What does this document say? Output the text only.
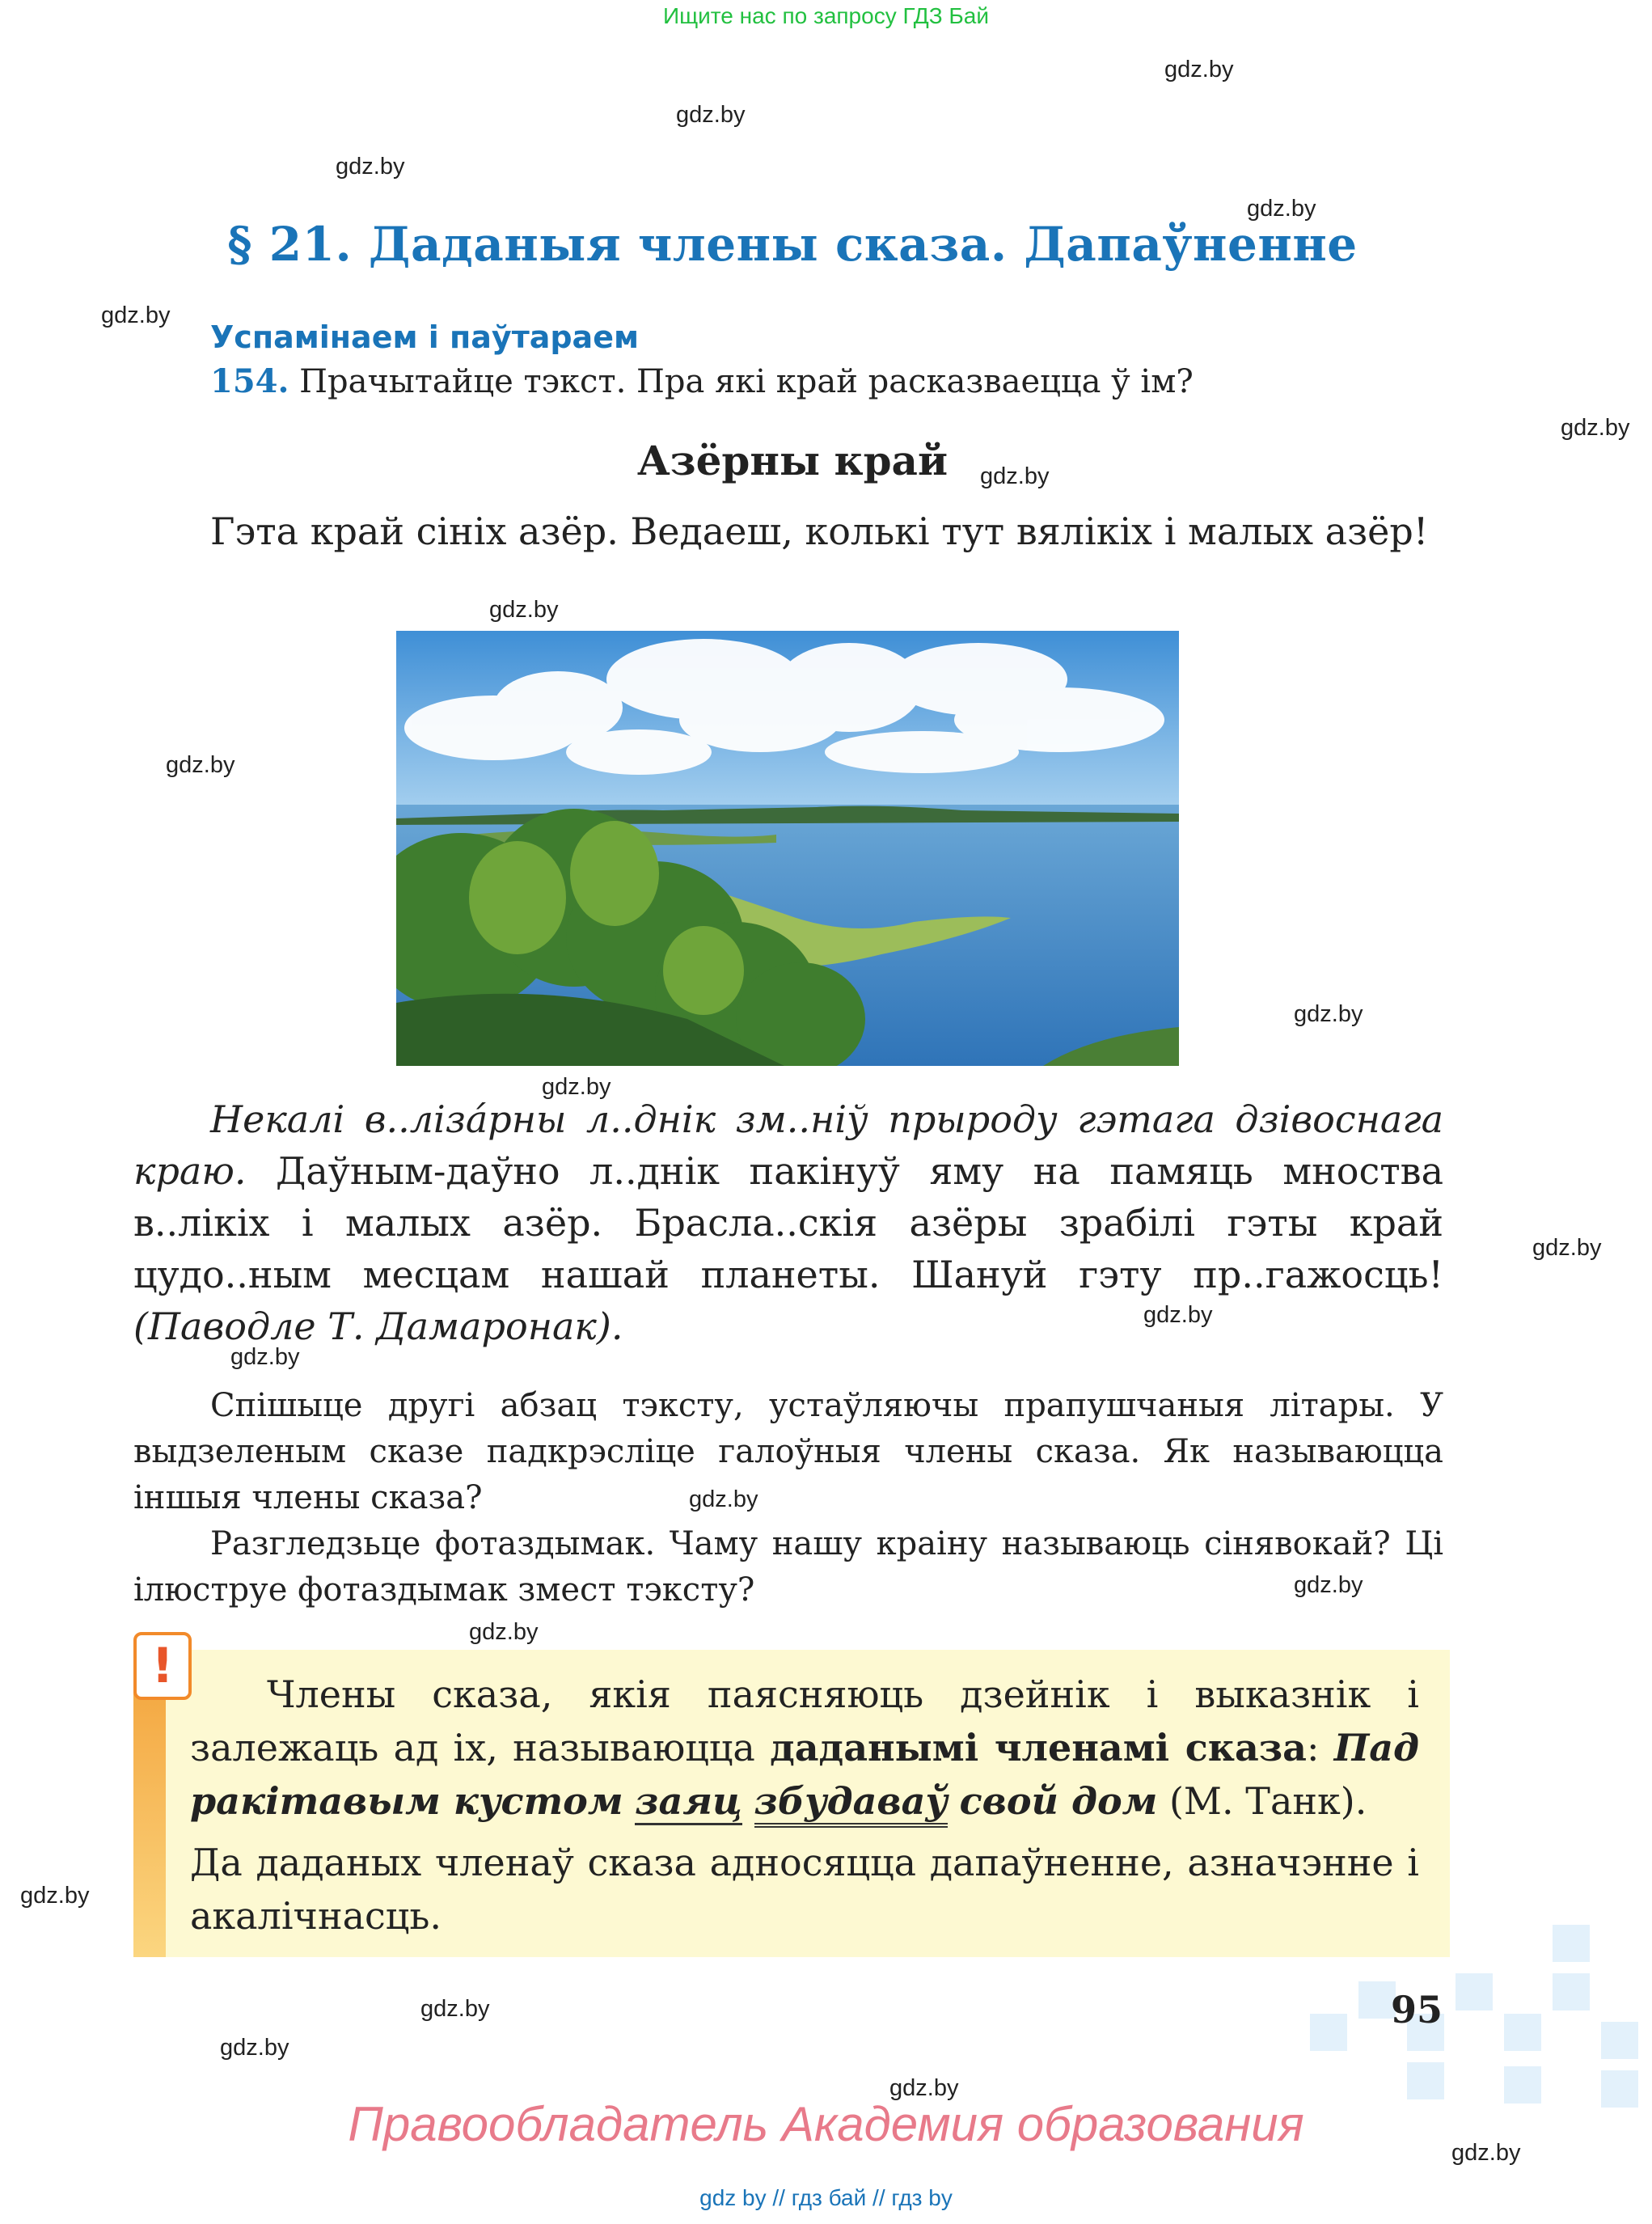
Ищите нас по запросу ГДЗ Бай
gdz.by
gdz.by
gdz.by
gdz.by
gdz.by
gdz.by
gdz.by
gdz.by
gdz.by
gdz.by
gdz.by
gdz.by
gdz.by
gdz.by
gdz.by
gdz.by
gdz.by
gdz.by
gdz.by
gdz.by
gdz.by
gdz.by
§ 21. Даданыя члены сказа. Дапаўненне
Успамінаем і паўтараем
154. Прачытайце тэкст. Пра які край расказваецца ў ім?
Азёрны край
Гэта край сініх азёр. Ведаеш, колькі тут вялікіх і малых азёр!
Некалі в..лізáрны л..днік зм..ніў прыроду гэтага дзівоснага краю. Даўным-даўно л..днік пакінуў яму на памяць мноства в..лікіх і малых азёр. Брасла..скія азёры зрабілі гэты край цудо..ным месцам нашай планеты. Шануй гэту пр..гажосць! (Паводле Т. Дамаронак).

Спішыце другі абзац тэксту, устаўляючы прапушчаныя літары. У выдзеленым сказе падкрэсліце галоўныя члены сказа. Як называюцца іншыя члены сказа?

Разгледзьце фотаздымак. Чаму нашу краіну называюць сінявокай? Ці ілюструе фотаздымак змест тэксту?

!	Члены сказа, якія паясняюць дзейнік і выказнік і залежаць ад іх, называюцца даданымі членамі сказа: Пад ракітавым кустом заяц збудаваў свой дом (М. Танк).

Да даданых членаў сказа адносяцца дапаўненне, азначэнне і акалічнасць.

95
Правообладатель Академия образования
gdz by // гдз бай // гдз by
